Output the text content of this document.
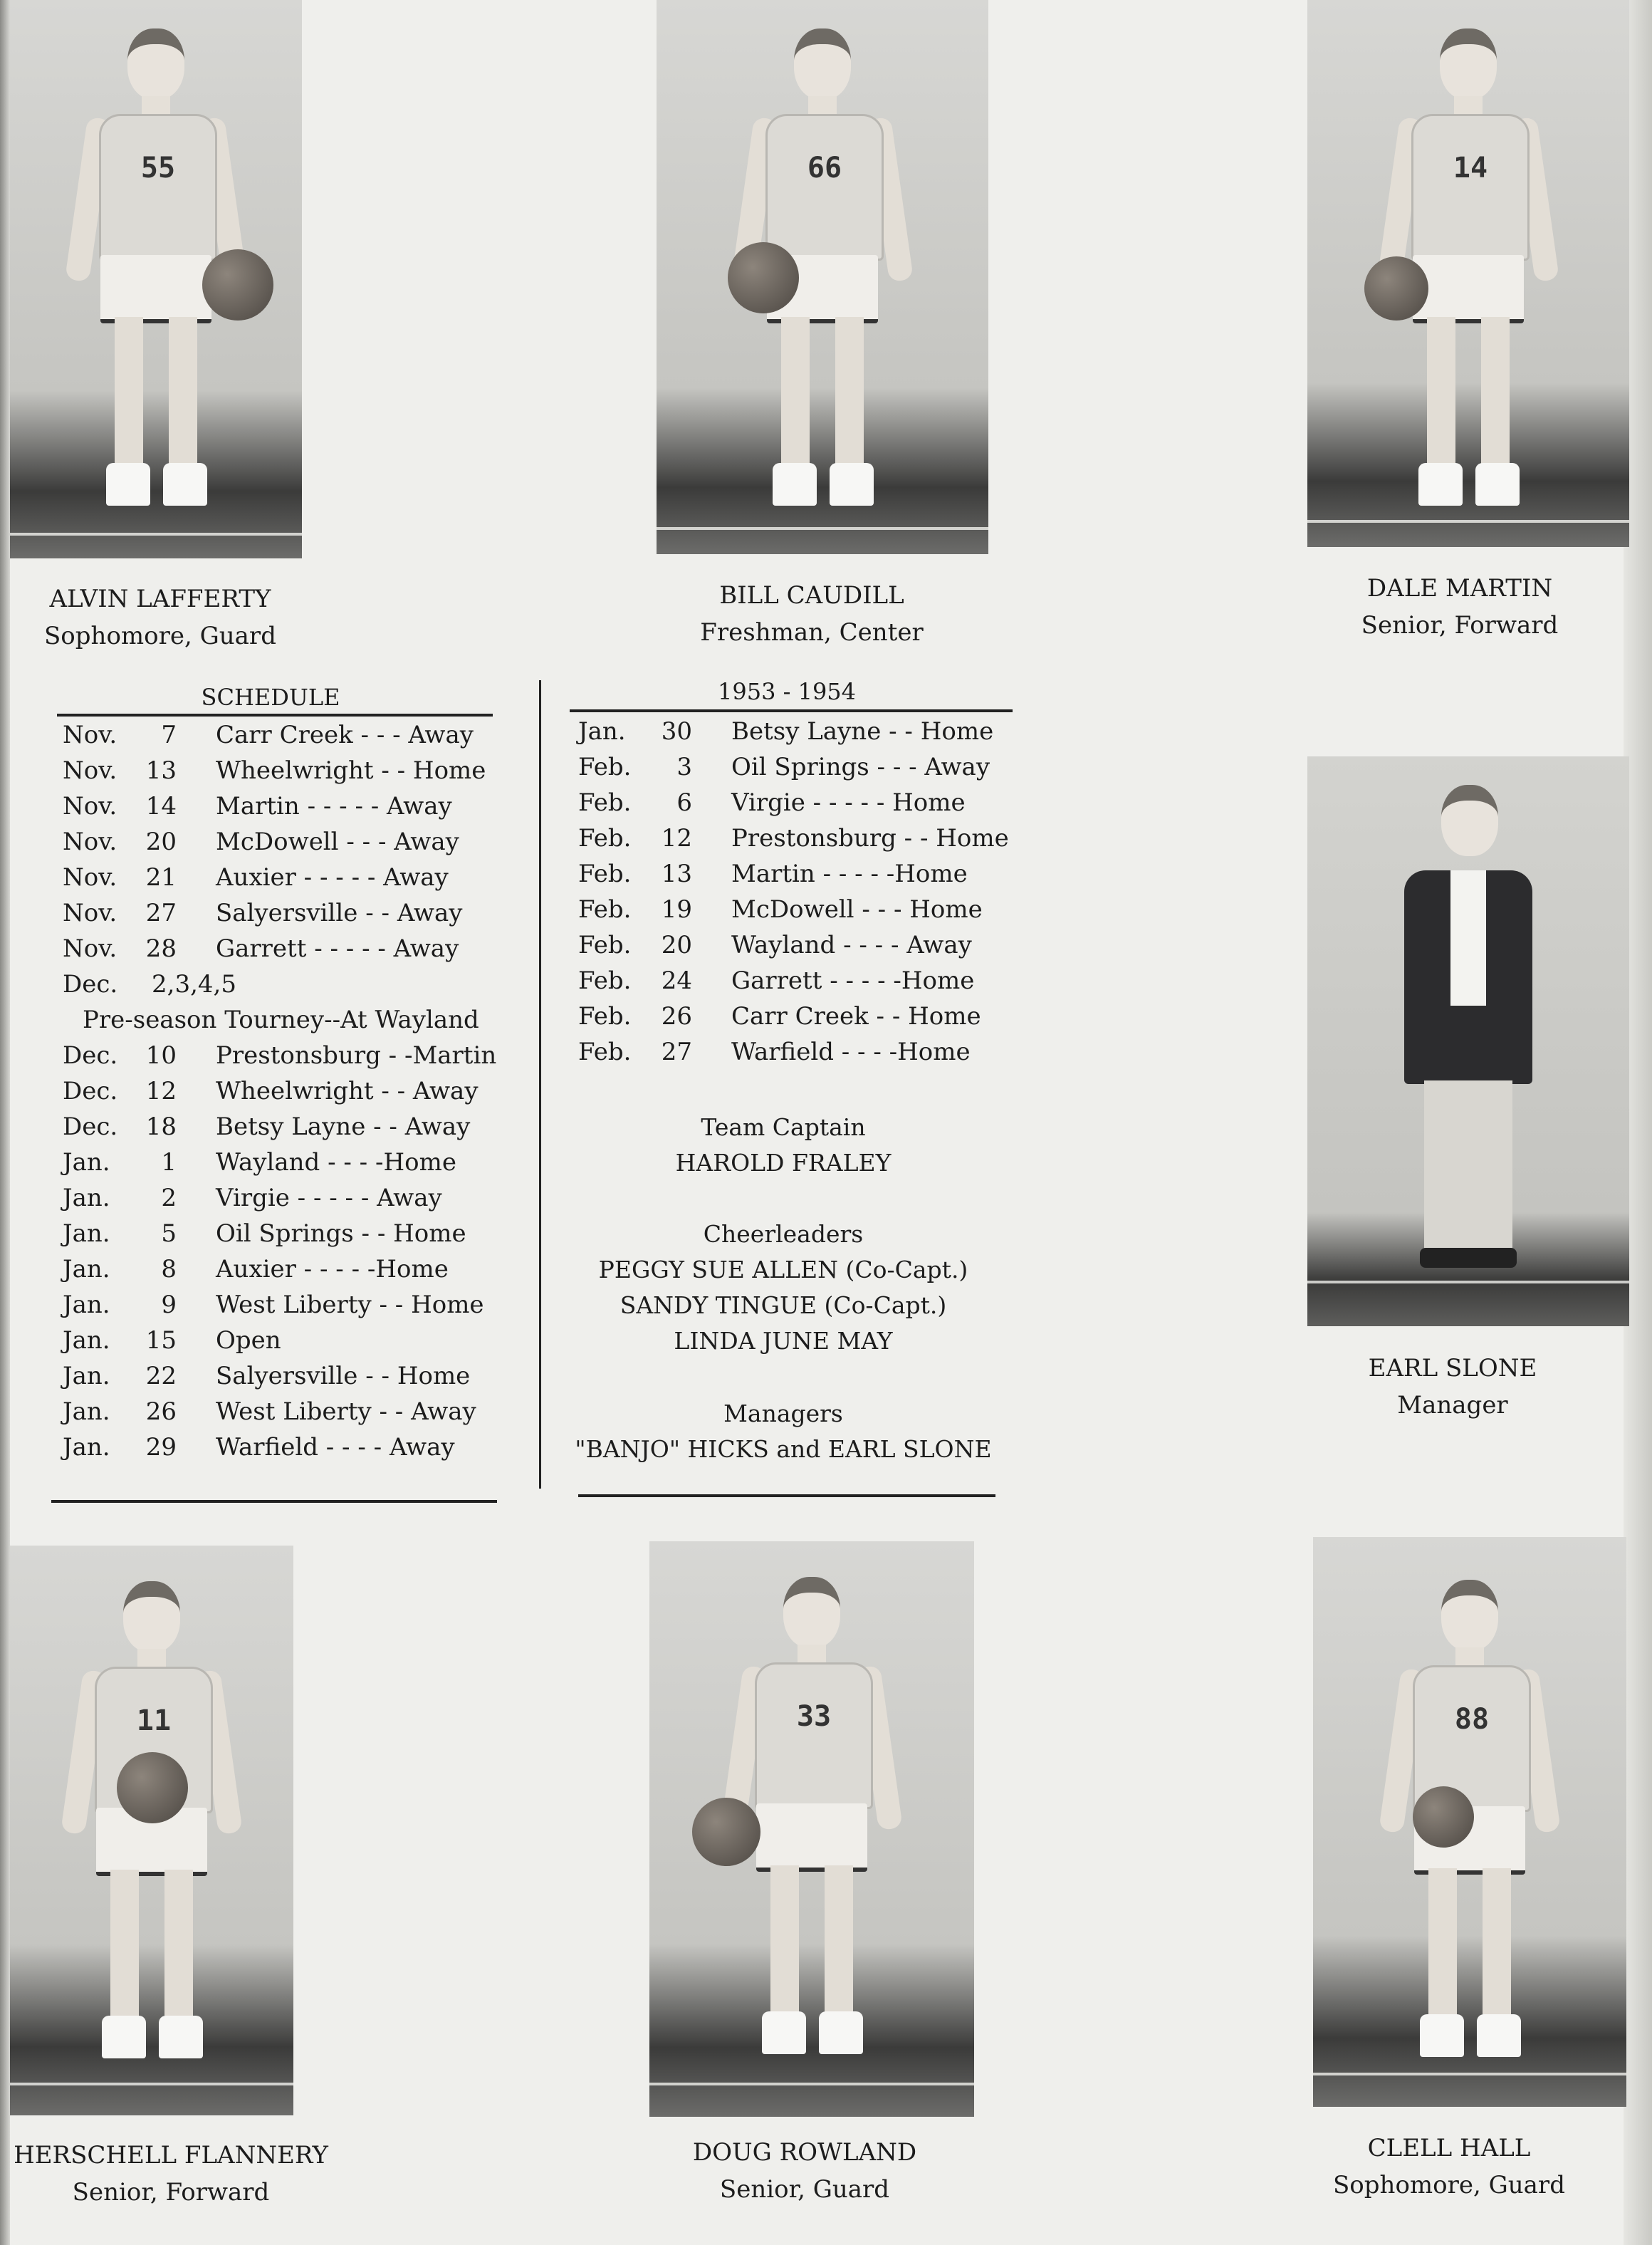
55	66	14
ALVIN LAFFERTY
Sophomore, Guard
BILL CAUDILL
Freshman, Center
DALE MARTIN
Senior, Forward
SCHEDULE	1953 - 1954
Nov.	7 Carr Creek - - - Away
Nov.	13 Wheelwright - - Home
Nov.	14 Martin - - - - - Away
Nov.	20 McDowell - - - Away
Nov.	21 Auxier - - - - - Away
Nov.	27 Salyersville - - Away
Nov.	28 Garrett - - - - - Away
Dec. 2,3,4,5
Pre-season Tourney--At Wayland
Dec.	10 Prestonsburg - -Martin
Dec.	12 Wheelwright - - Away
Dec.	18 Betsy Layne - - Away
Jan.	1 Wayland - - - -Home
Jan.	2 Virgie - - - - - Away
Jan.	5 Oil Springs - - Home
Jan.	8 Auxier - - - - -Home
Jan.	9 West Liberty - - Home
Jan.	15 Open
Jan.	22 Salyersville - - Home
Jan.	26 West Liberty - - Away
Jan.	29 Warfield - - - - Away
Jan.	30 Betsy Layne - - Home
Feb.	3 Oil Springs - - - Away
Feb.	6 Virgie - - - - - Home
Feb.	12 Prestonsburg - - Home
Feb.	13 Martin - - - - -Home
Feb.	19 McDowell - - - Home
Feb.	20 Wayland - - - - Away
Feb.	24 Garrett - - - - -Home
Feb.	26 Carr Creek - - Home
Feb.	27 Warfield - - - -Home
Team Captain
HAROLD FRALEY
Cheerleaders
PEGGY SUE ALLEN (Co-Capt.)
SANDY TINGUE (Co-Capt.)
LINDA JUNE MAY
Managers
"BANJO" HICKS and EARL SLONE
EARL SLONE
Manager
11	33	88
HERSCHELL FLANNERY
Senior, Forward
DOUG ROWLAND
Senior, Guard
CLELL HALL
Sophomore, Guard
